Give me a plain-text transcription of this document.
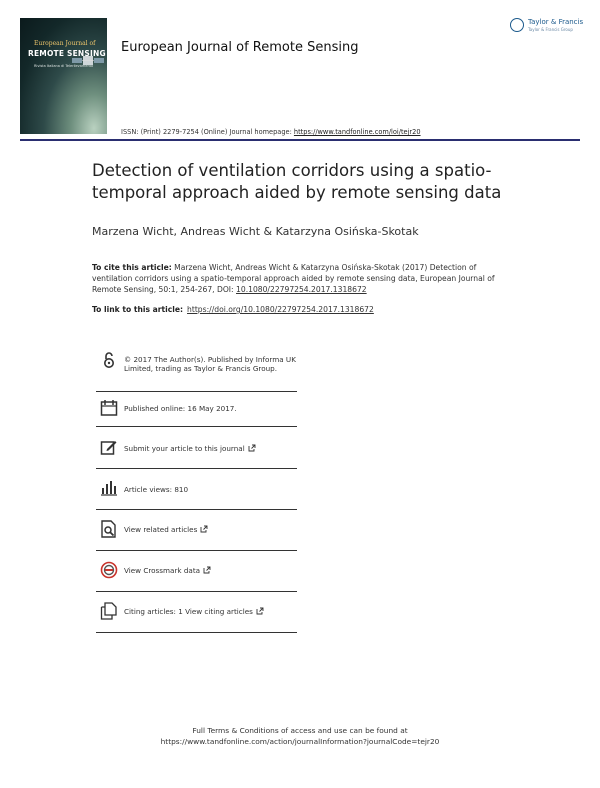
European Journal of
REMOTE SENSING
Rivista Italiana di Telerilevamento
European Journal of Remote Sensing
ISSN: (Print) 2279-7254 (Online) Journal homepage: https://www.tandfonline.com/loi/tejr20
Taylor & Francis
Taylor & Francis Group
Detection of ventilation corridors using a spatio-temporal approach aided by remote sensing data
Marzena Wicht, Andreas Wicht & Katarzyna Osińska-Skotak
To cite this article: Marzena Wicht, Andreas Wicht & Katarzyna Osińska-Skotak (2017) Detection of ventilation corridors using a spatio-temporal approach aided by remote sensing data, European Journal of Remote Sensing, 50:1, 254-267, DOI: 10.1080/22797254.2017.1318672
To link to this article: https://doi.org/10.1080/22797254.2017.1318672
© 2017 The Author(s). Published by Informa UK Limited, trading as Taylor & Francis Group.
Published online: 16 May 2017.
Submit your article to this journal
Article views: 810
View related articles
View Crossmark data
Citing articles: 1 View citing articles
Full Terms & Conditions of access and use can be found at
https://www.tandfonline.com/action/journalInformation?journalCode=tejr20
